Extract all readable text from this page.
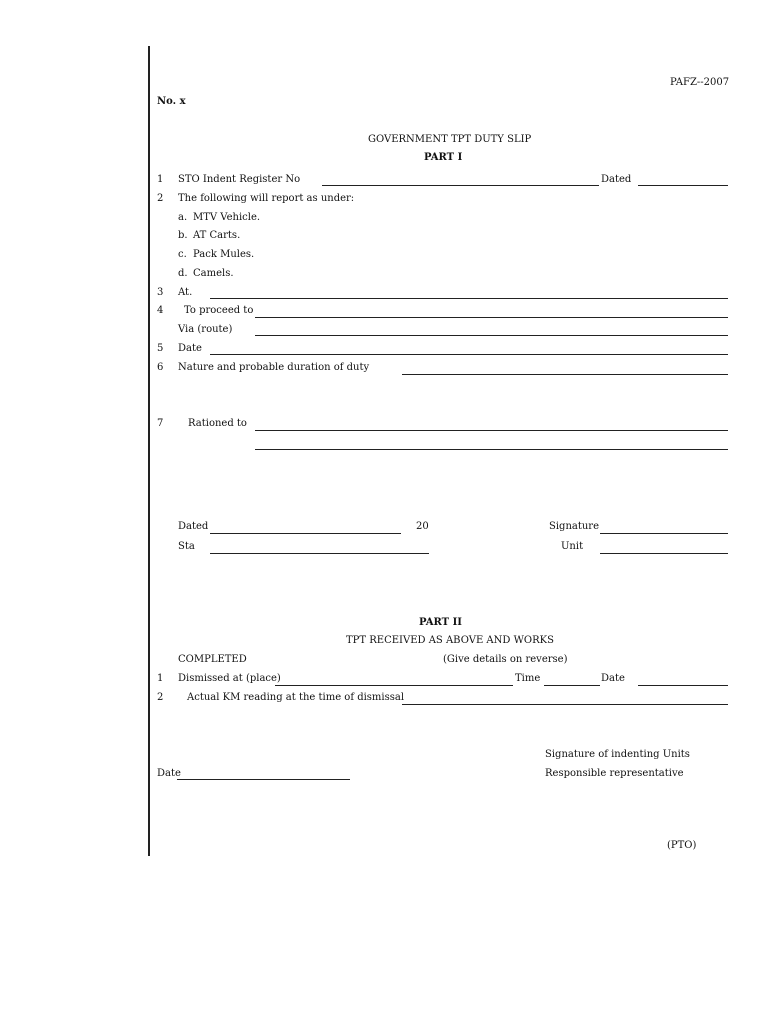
PAFZ--2007
No. x
GOVERNMENT TPT DUTY SLIP
PART I
1 STO Indent Register No	Dated
2 The following will report as under:
a. MTV Vehicle.
b. AT Carts.
c. Pack Mules.
d. Camels.
3 At.
4 To proceed to
Via (route)
5 Date
6 Nature and probable duration of duty
7 Rationed to
Dated	20	Signature
Sta	Unit
PART II
TPT RECEIVED AS ABOVE AND WORKS
COMPLETED	(Give details on reverse)
1 Dismissed at (place)	Time	Date
2 Actual KM reading at the time of dismissal
Signature of indenting Units
Responsible representative
Date
(PTO)
